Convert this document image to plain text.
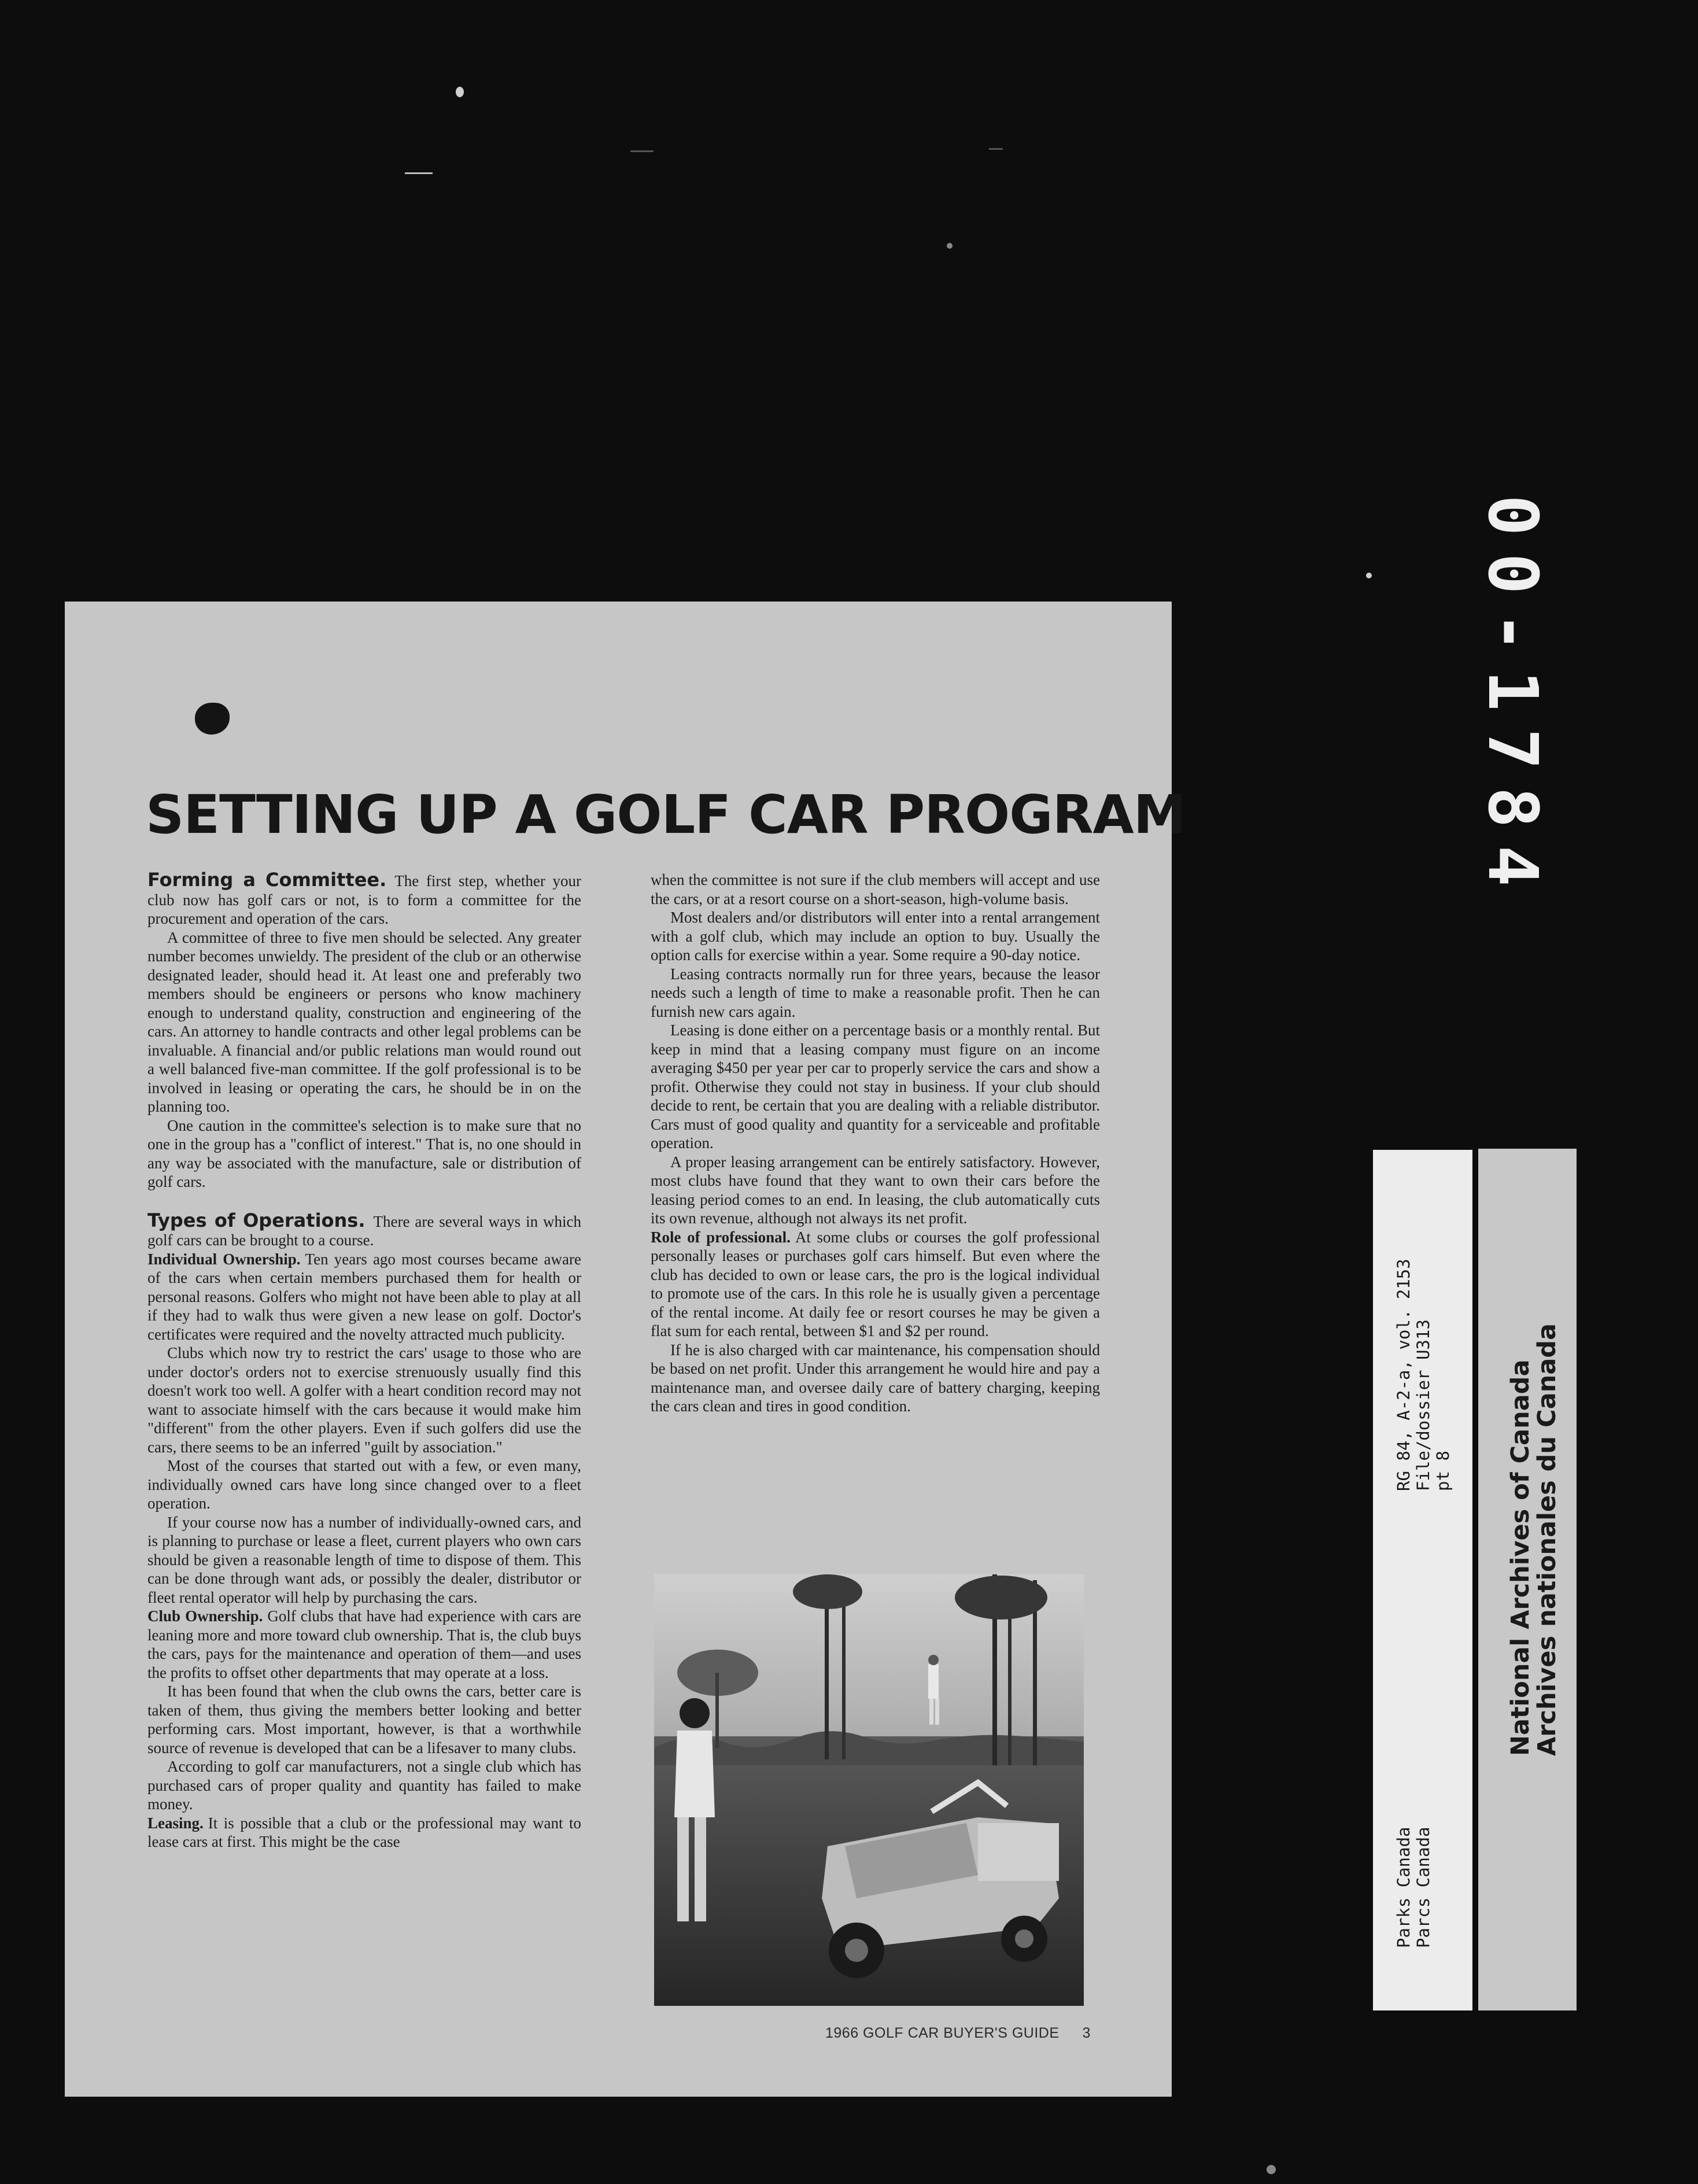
00-1784
SETTING UP A GOLF CAR PROGRAM

Forming a Committee. The first step, whether your club now has golf cars or not, is to form a committee for the procurement and operation of the cars.

A committee of three to five men should be selected. Any greater number becomes unwieldy. The president of the club or an otherwise designated leader, should head it. At least one and preferably two members should be engineers or persons who know machinery enough to understand quality, construction and engineering of the cars. An attorney to handle contracts and other legal problems can be invaluable. A financial and/or public relations man would round out a well balanced five-man committee. If the golf professional is to be involved in leasing or operating the cars, he should be in on the planning too.

One caution in the committee's selection is to make sure that no one in the group has a "conflict of interest." That is, no one should in any way be associated with the manufacture, sale or distribution of golf cars.

Types of Operations. There are several ways in which golf cars can be brought to a course.

Individual Ownership. Ten years ago most courses became aware of the cars when certain members purchased them for health or personal reasons. Golfers who might not have been able to play at all if they had to walk thus were given a new lease on golf. Doctor's certificates were required and the novelty attracted much publicity.

Clubs which now try to restrict the cars' usage to those who are under doctor's orders not to exercise strenuously usually find this doesn't work too well. A golfer with a heart condition record may not want to associate himself with the cars because it would make him "different" from the other players. Even if such golfers did use the cars, there seems to be an inferred "guilt by association."

Most of the courses that started out with a few, or even many, individually owned cars have long since changed over to a fleet operation.

If your course now has a number of individually-owned cars, and is planning to purchase or lease a fleet, current players who own cars should be given a reasonable length of time to dispose of them. This can be done through want ads, or possibly the dealer, distributor or fleet rental operator will help by purchasing the cars.

Club Ownership. Golf clubs that have had experience with cars are leaning more and more toward club ownership. That is, the club buys the cars, pays for the maintenance and operation of them—and uses the profits to offset other departments that may operate at a loss.

It has been found that when the club owns the cars, better care is taken of them, thus giving the members better looking and better performing cars. Most important, however, is that a worthwhile source of revenue is developed that can be a lifesaver to many clubs.

According to golf car manufacturers, not a single club which has purchased cars of proper quality and quantity has failed to make money.

Leasing. It is possible that a club or the professional may want to lease cars at first. This might be the case

when the committee is not sure if the club members will accept and use the cars, or at a resort course on a short-season, high-volume basis.

Most dealers and/or distributors will enter into a rental arrangement with a golf club, which may include an option to buy. Usually the option calls for exercise within a year. Some require a 90-day notice.

Leasing contracts normally run for three years, because the leasor needs such a length of time to make a reasonable profit. Then he can furnish new cars again.

Leasing is done either on a percentage basis or a monthly rental. But keep in mind that a leasing company must figure on an income averaging $450 per year per car to properly service the cars and show a profit. Otherwise they could not stay in business. If your club should decide to rent, be certain that you are dealing with a reliable distributor. Cars must of good quality and quantity for a serviceable and profitable operation.

A proper leasing arrangement can be entirely satisfactory. However, most clubs have found that they want to own their cars before the leasing period comes to an end. In leasing, the club automatically cuts its own revenue, although not always its net profit.

Role of professional. At some clubs or courses the golf professional personally leases or purchases golf cars himself. But even where the club has decided to own or lease cars, the pro is the logical individual to promote use of the cars. In this role he is usually given a percentage of the rental income. At daily fee or resort courses he may be given a flat sum for each rental, between $1 and $2 per round.

If he is also charged with car maintenance, his compensation should be based on net profit. Under this arrangement he would hire and pay a maintenance man, and oversee daily care of battery charging, keeping the cars clean and tires in good condition.

1966 GOLF CAR BUYER'S GUIDE 3
Parks Canada Parcs Canada
RG 84, A-2-a, vol. 2153 File/dossier U313 pt 8 National Archives of Canada
Archives nationales du Canada
